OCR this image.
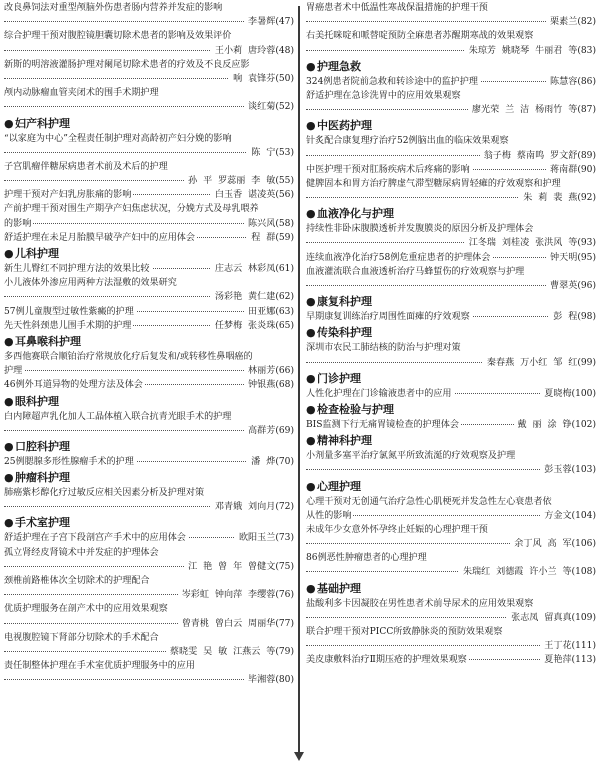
改良鼻饲法对重型颅脑外伤患者肠内营养并发症的影响
李暑辉(47)
综合护理干预对腹腔镜胆囊切除术患者的影响及效果评价
王小莉 唐玲蓉(48)
新斯的明溶液灌肠护理对阑尾切除术患者的疗效及不良反应影
响 袁锋芬(50)
颅内动脉瘤血管夹闭术的围手术期护理
谈红菊(52)
●妇产科护理
“以家庭为中心”全程责任制护理对高龄初产妇分娩的影响
陈 宁(53)
子宫肌瘤伴糖尿病患者术前及术后的护理
孙 平 罗蕊丽 李 敏(55)
护理干预对产妇乳房胀痛的影响	白玉香 谌凌英(56)
产前护理干预对围生产期孕产妇焦虑状况，分娩方式及母乳喂养
的影响	陈兴风(58)
舒适护理在未足月胎膜早破孕产妇中的应用体会	程 群(59)
●儿科护理
新生儿臀红不同护理方法的效果比较	庄志云 林彩凤(61)
小儿液体外渗应用两种方法湿敷的效果研究
汤彩艳 黄仁建(62)
57例儿童腹型过敏性紫癜的护理	田亚娜(63)
先天性斜颈患儿围手术期的护理	任梦梅 张炎珠(65)
●耳鼻喉科护理
多西他赛联合顺铂治疗常规放化疗后复发和/或转移性鼻咽癌的
护理	林丽芳(66)
46例外耳道异物的处理方法及体会	钟银燕(68)
●眼科护理
白内障超声乳化加人工晶体植入联合抗青光眼手术的护理
高群芳(69)
●口腔科护理
25例腮腺多形性腺瘤手术的护理	潘 烨(70)
●肿瘤科护理
肺癌紫杉醇化疗过敏反应相关因素分析及护理对策
邓青娥 刘向月(72)
●手术室护理
舒适护理在子宫下段剖宫产手术中的应用体会	欧阳玉兰(73)
孤立肾经皮肾镜术中并发症的护理体会
江 艳 曾 年 曾健文(75)
颈椎前路椎体次全切除术的护理配合
岑彩虹 钟向萍 李缨蓉(76)
优质护理服务在剖产术中的应用效果观察
曾青桃 曾白云 周丽华(77)
电视腹腔镜下肾部分切除术的手术配合
蔡晓雯 吴 敏 江燕云 等(79)
责任制整体护理在手术室优质护理服务中的应用
毕湘蓉(80)
胃癌患者术中低温性寒战保温措施的护理干预
栗素兰(82)
右美托咪啶和哌替啶预防全麻患者苏醒期寒战的效果观察
朱琼芳 姚晓琴 牛丽君 等(83)
●护理急救
324例患者院前急救和转诊途中的监护护理	陈慧容(86)
舒适护理在急诊洗胃中的应用效果观察
廖光荣 兰 洁 杨雨竹 等(87)
●中医药护理
针炙配合康复理疗治疗52例脑出血的临床效果观察
翁子梅 蔡南鸣 罗文舒(89)
中医护理干预对肛肠疾病术后疼痛的影响	蒋南群(90)
健脾固本和胃方治疗脾虚气滞型糖尿病胃轻瘫的疗效观察和护理
朱 莉 裴 燕(92)
●血液净化与护理
持续性非卧床腹膜透析并发腹膜炎的原因分析及护理体会
江冬瑞 刘桂凌 张洪风 等(93)
连续血液净化治疗58例危重症患者的护理体会	钟天明(95)
血液灌流联合血液透析治疗马蜂蜇伤的疗效观察与护理
曹翠英(96)
●康复科护理
早期康复训练治疗周围性面瘫的疗效观察	彭 程(98)
●传染科护理
深圳市农民工肺结核的防治与护理对策
秦春燕 万小红 邹 红(99)
●门诊护理
人性化护理在门诊输液患者中的应用	夏晓梅(100)
●检查检验与护理
BIS监测下行无痛胃镜检查的护理体会	戴 丽 涂 铮(102)
●精神科护理
小剂量多塞平治疗氯氮平所致流涎的疗效观察及护理
彭玉蓉(103)
●心理护理
心理干预对无创通气治疗急性心肌梗死并发急性左心衰患者依
从性的影响	方金文(104)
未成年少女意外怀孕终止妊娠的心理护理干预
余丁风 高 军(106)
86例恶性肿瘤患者的心理护理
朱瑞红 刘德霞 许小兰 等(108)
●基础护理
盐酸利多卡因凝胶在男性患者术前导尿术的应用效果观察
张志凤 留真真(109)
联合护理干预对PICC所致静脉炎的预防效果观察
王丁花(111)
美皮康敷料治疗Ⅱ期压疮的护理效果观察	夏艳萍(113)
